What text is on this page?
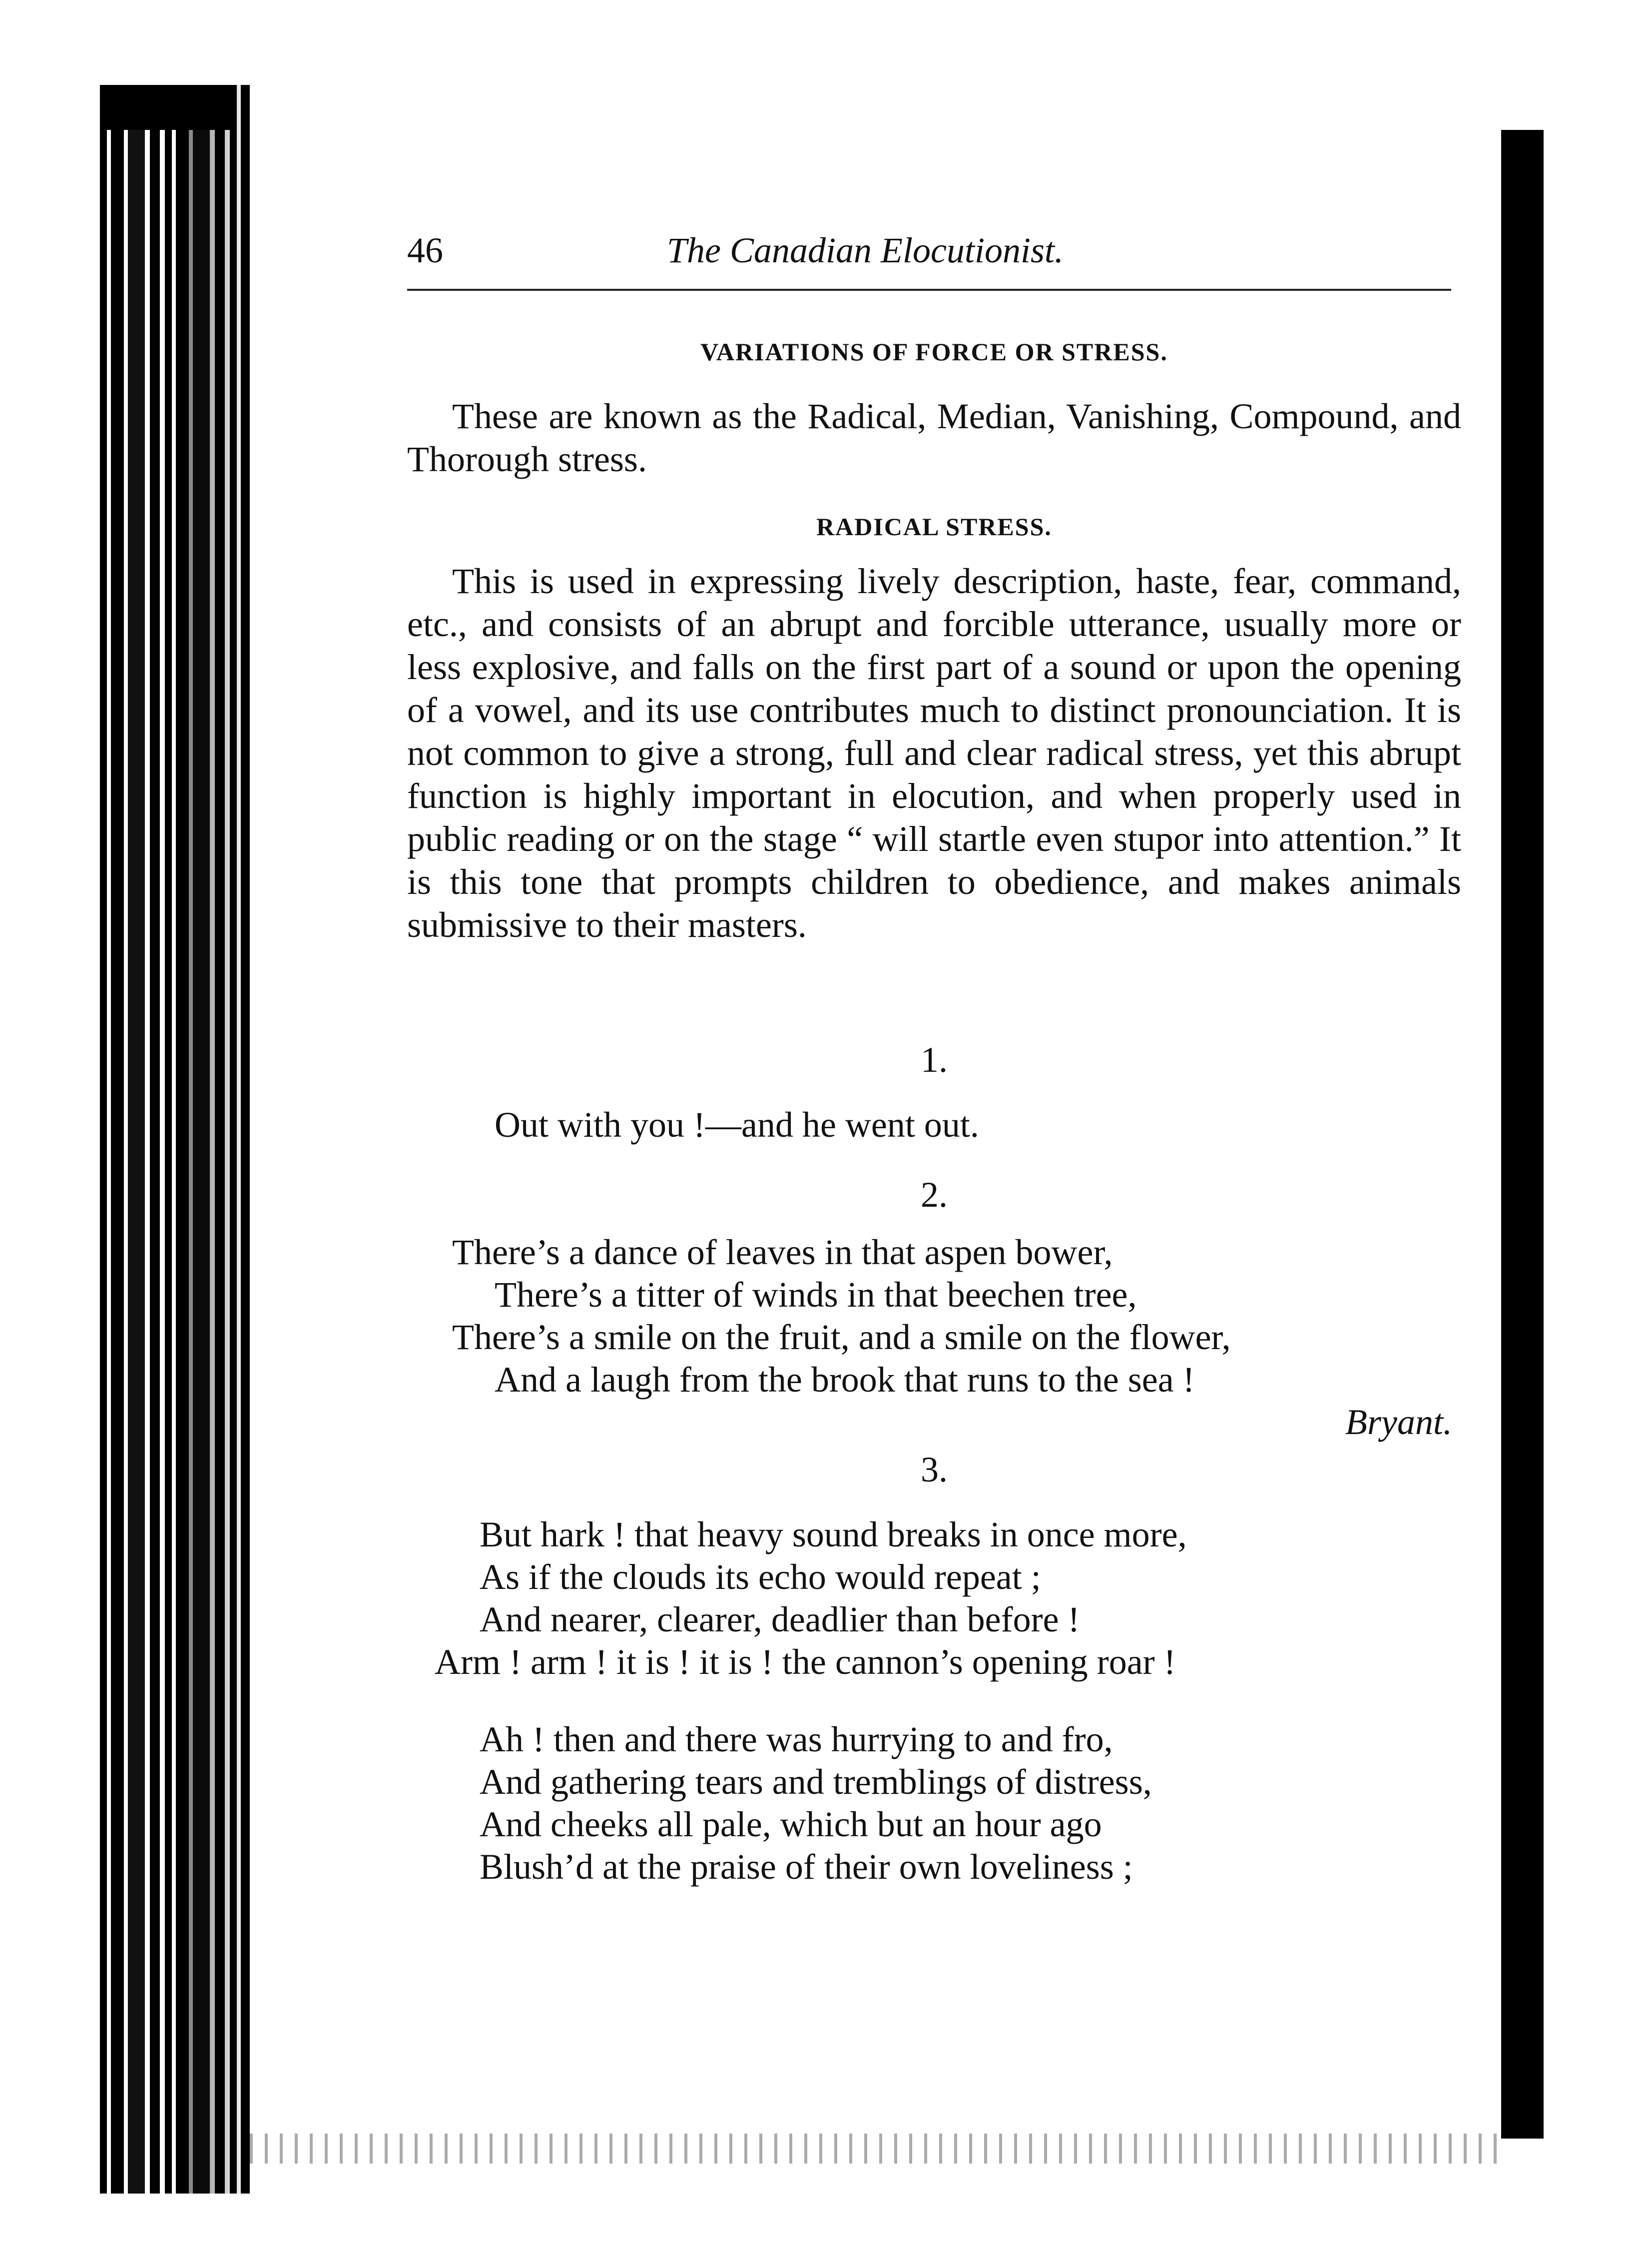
46	The Canadian Elocutionist.

VARIATIONS OF FORCE OR STRESS.

These are known as the Radical, Median, Vanishing, Compound, and Thorough stress.

RADICAL STRESS.

This is used in expressing lively description, haste, fear, command, etc., and consists of an abrupt and forcible utterance, usually more or less explosive, and falls on the first part of a sound or upon the opening of a vowel, and its use contributes much to distinct pronounciation. It is not common to give a strong, full and clear radical stress, yet this abrupt function is highly important in elocution, and when properly used in public reading or on the stage “ will startle even stupor into attention.” It is this tone that prompts children to obedience, and makes animals submissive to their masters.

1.

Out with you !—and he went out.

2.

There’s a dance of leaves in that aspen bower,

There’s a titter of winds in that beechen tree,

There’s a smile on the fruit, and a smile on the flower,

And a laugh from the brook that runs to the sea !

Bryant.

3.

But hark ! that heavy sound breaks in once more,

As if the clouds its echo would repeat ;

And nearer, clearer, deadlier than before !

Arm ! arm ! it is ! it is ! the cannon’s opening roar !

Ah ! then and there was hurrying to and fro,

And gathering tears and tremblings of distress,

And cheeks all pale, which but an hour ago

Blush’d at the praise of their own loveliness ;
